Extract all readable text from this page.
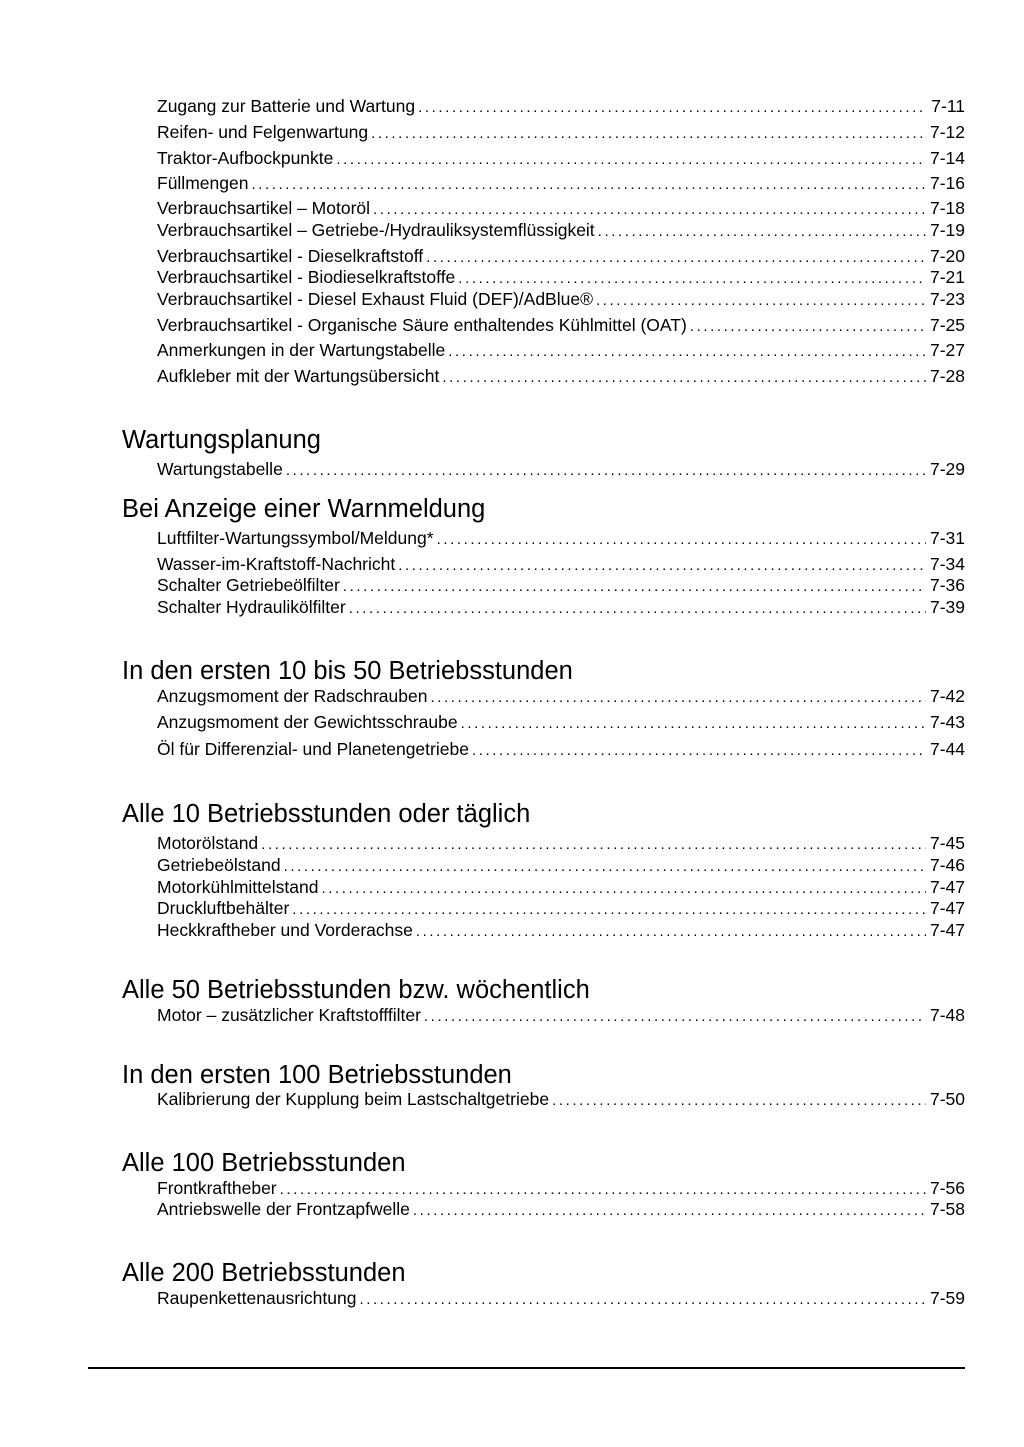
Zugang zur Batterie und Wartung .....	7-11
Reifen- und Felgenwartung .....	7-12
Traktor-Aufbockpunkte .....	7-14
Füllmengen .....	7-16
Verbrauchsartikel – Motoröl .....	7-18
Verbrauchsartikel – Getriebe-/Hydrauliksystemflüssigkeit .....	7-19
Verbrauchsartikel - Dieselkraftstoff .....	7-20
Verbrauchsartikel - Biodieselkraftstoffe .....	7-21
Verbrauchsartikel - Diesel Exhaust Fluid (DEF)/AdBlue® .....	7-23
Verbrauchsartikel - Organische Säure enthaltendes Kühlmittel (OAT) .....	7-25
Anmerkungen in der Wartungstabelle .....	7-27
Aufkleber mit der Wartungsübersicht .....	7-28
Wartungsplanung
Wartungstabelle .....	7-29
Bei Anzeige einer Warnmeldung
Luftfilter-Wartungssymbol/Meldung* .....	7-31
Wasser-im-Kraftstoff-Nachricht .....	7-34
Schalter Getriebeölfilter .....	7-36
Schalter Hydraulikölfilter .....	7-39
In den ersten 10 bis 50 Betriebsstunden
Anzugsmoment der Radschrauben .....	7-42
Anzugsmoment der Gewichtsschraube .....	7-43
Öl für Differenzial- und Planetengetriebe .....	7-44
Alle 10 Betriebsstunden oder täglich
Motorölstand .....	7-45
Getriebeölstand .....	7-46
Motorkühlmittelstand .....	7-47
Druckluftbehälter .....	7-47
Heckkraftheber und Vorderachse .....	7-47
Alle 50 Betriebsstunden bzw. wöchentlich
Motor – zusätzlicher Kraftstofffilter .....	7-48
In den ersten 100 Betriebsstunden
Kalibrierung der Kupplung beim Lastschaltgetriebe .....	7-50
Alle 100 Betriebsstunden
Frontkraftheber .....	7-56
Antriebswelle der Frontzapfwelle .....	7-58
Alle 200 Betriebsstunden
Raupenkettenausrichtung .....	7-59
